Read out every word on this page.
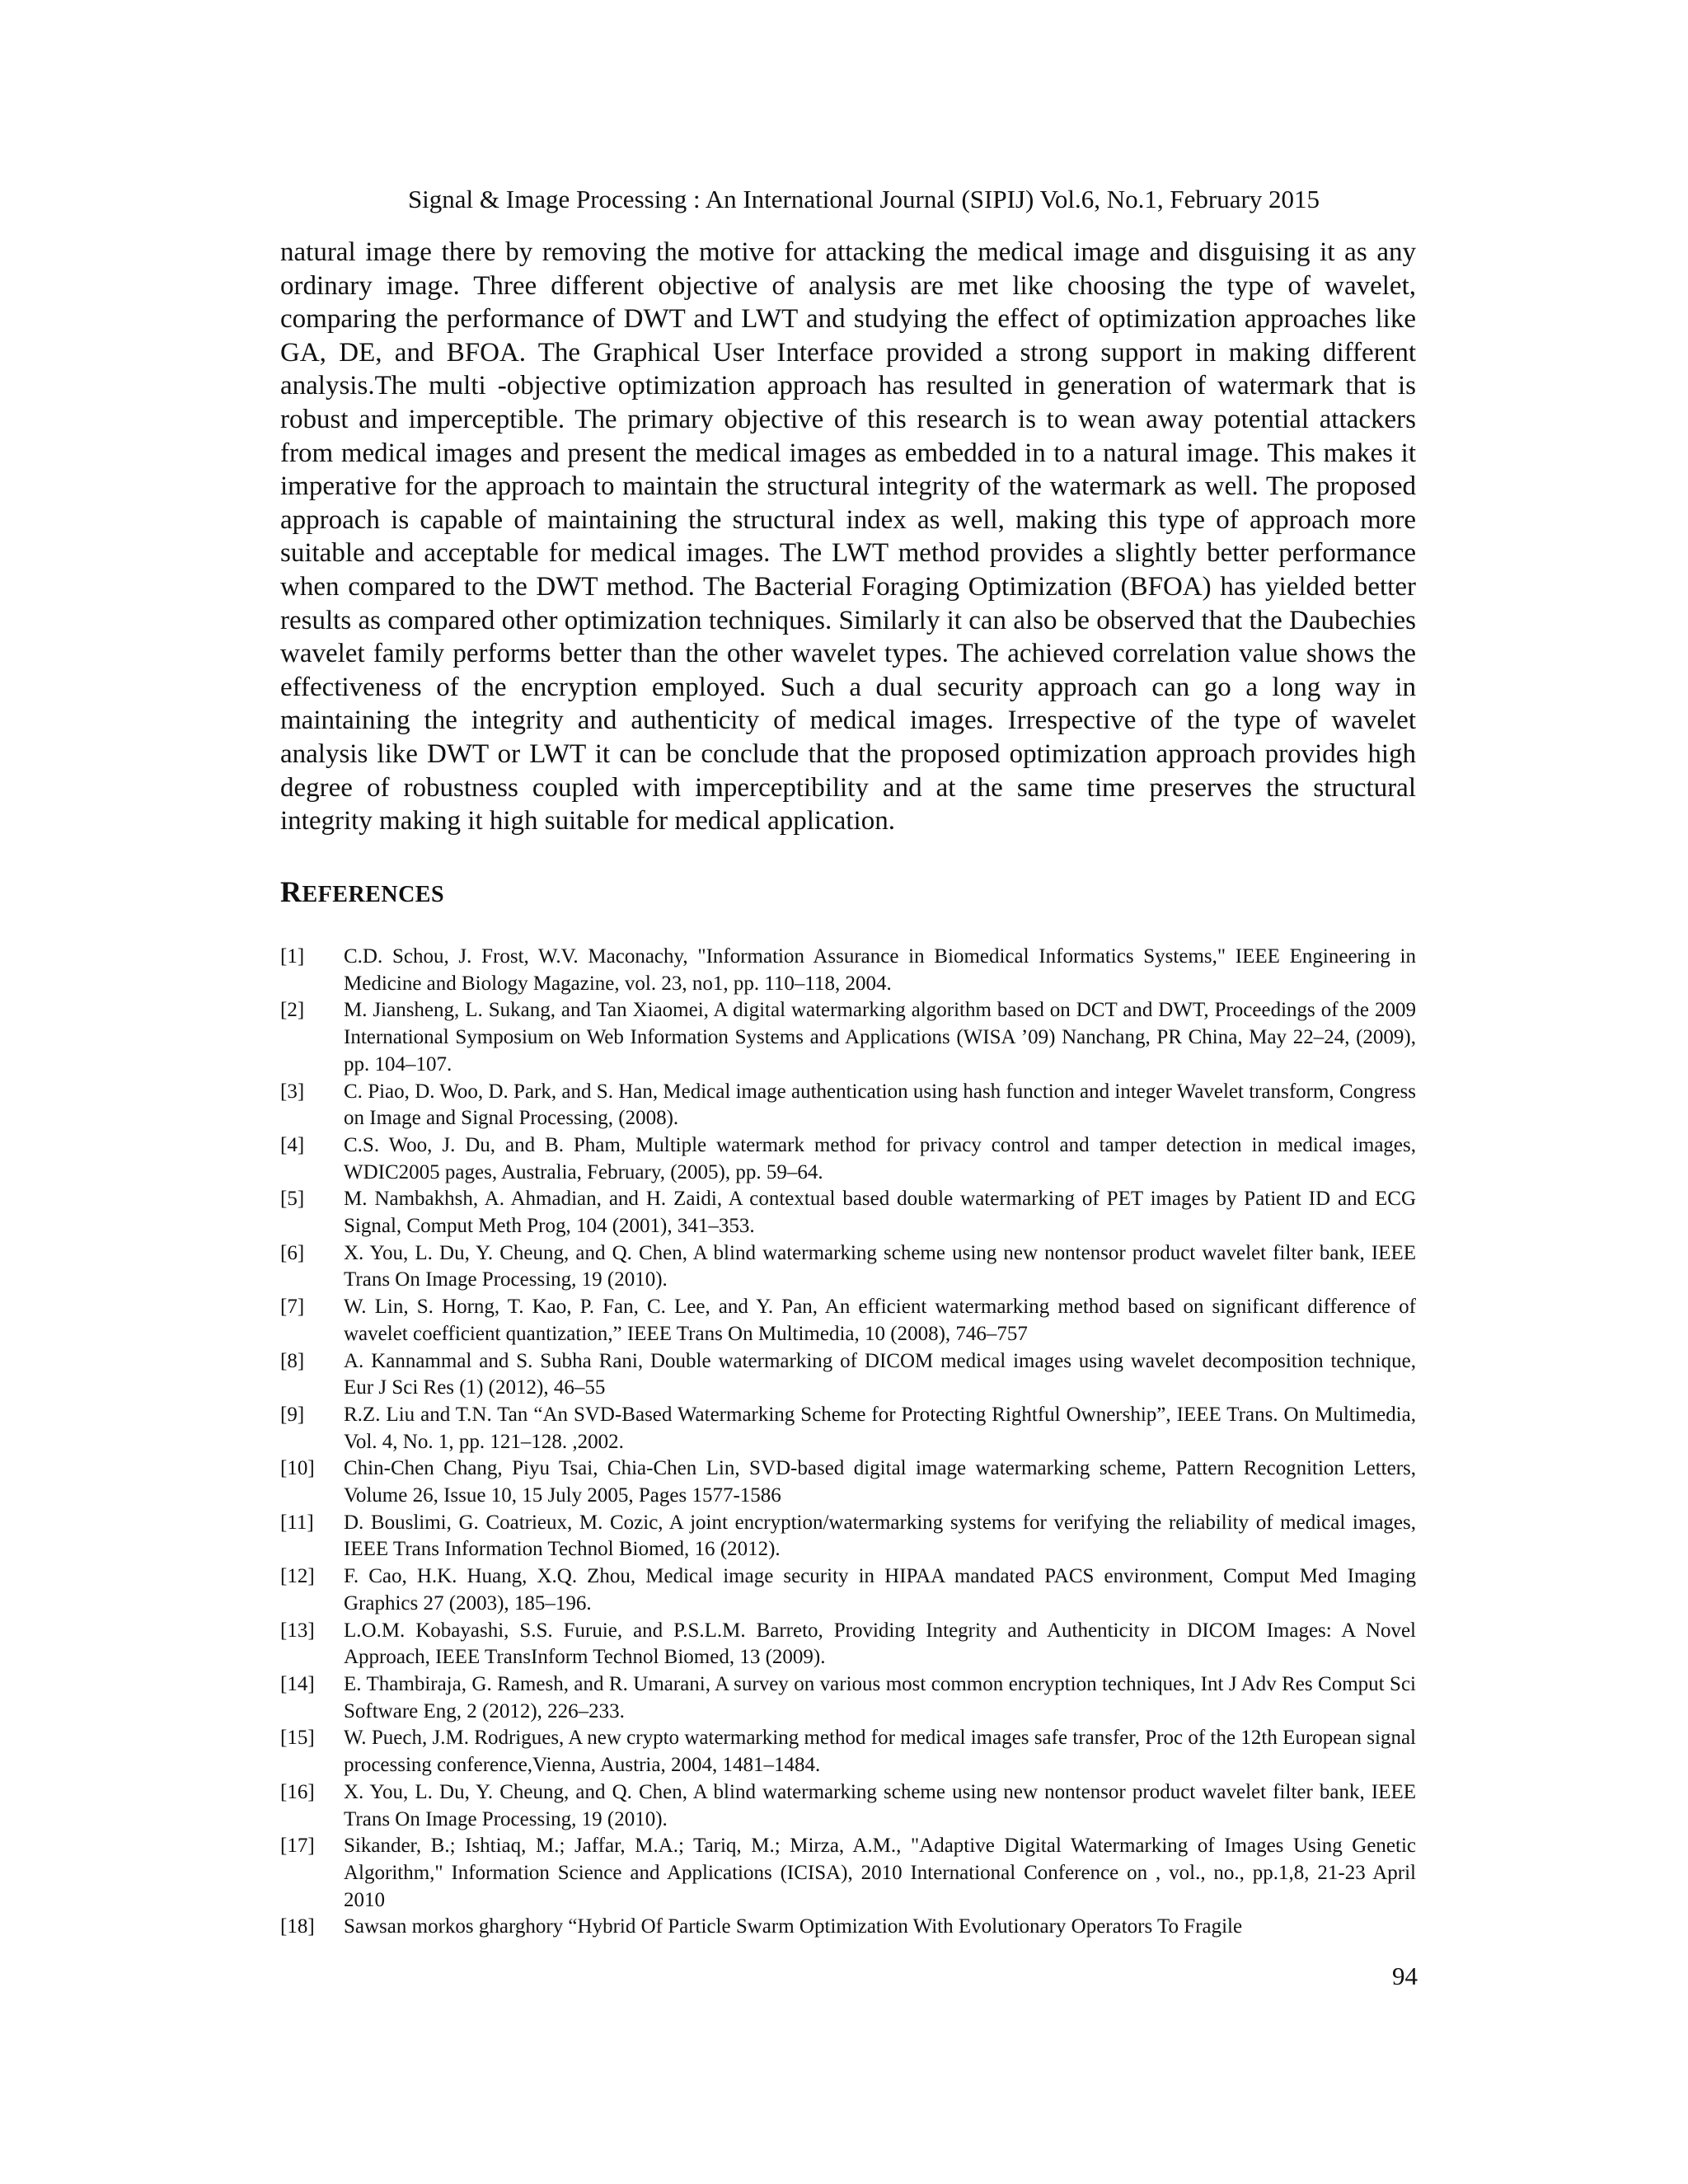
Signal & Image Processing : An International Journal (SIPIJ) Vol.6, No.1, February 2015

natural image there by removing the motive for attacking the medical image and disguising it as any ordinary image. Three different objective of analysis are met like choosing the type of wavelet, comparing the performance of DWT and LWT and studying the effect of optimization approaches like GA, DE, and BFOA. The Graphical User Interface provided a strong support in making different analysis.The multi -objective optimization approach has resulted in generation of watermark that is robust and imperceptible. The primary objective of this research is to wean away potential attackers from medical images and present the medical images as embedded in to a natural image. This makes it imperative for the approach to maintain the structural integrity of the watermark as well. The proposed approach is capable of maintaining the structural index as well, making this type of approach more suitable and acceptable for medical images. The LWT method provides a slightly better performance when compared to the DWT method. The Bacterial Foraging Optimization (BFOA) has yielded better results as compared other optimization techniques. Similarly it can also be observed that the Daubechies wavelet family performs better than the other wavelet types. The achieved correlation value shows the effectiveness of the encryption employed. Such a dual security approach can go a long way in maintaining the integrity and authenticity of medical images. Irrespective of the type of wavelet analysis like DWT or LWT it can be conclude that the proposed optimization approach provides high degree of robustness coupled with imperceptibility and at the same time preserves the structural integrity making it high suitable for medical application.

REFERENCES
[1]	C.D. Schou, J. Frost, W.V. Maconachy, "Information Assurance in Biomedical Informatics Systems," IEEE Engineering in Medicine and Biology Magazine, vol. 23, no1, pp. 110–118, 2004.
[2]	M. Jiansheng, L. Sukang, and Tan Xiaomei, A digital watermarking algorithm based on DCT and DWT, Proceedings of the 2009 International Symposium on Web Information Systems and Applications (WISA ’09) Nanchang, PR China, May 22–24, (2009), pp. 104–107.
[3]	C. Piao, D. Woo, D. Park, and S. Han, Medical image authentication using hash function and integer Wavelet transform, Congress on Image and Signal Processing, (2008).
[4]	C.S. Woo, J. Du, and B. Pham, Multiple watermark method for privacy control and tamper detection in medical images, WDIC2005 pages, Australia, February, (2005), pp. 59–64.
[5]	M. Nambakhsh, A. Ahmadian, and H. Zaidi, A contextual based double watermarking of PET images by Patient ID and ECG Signal, Comput Meth Prog, 104 (2001), 341–353.
[6]	X. You, L. Du, Y. Cheung, and Q. Chen, A blind watermarking scheme using new nontensor product wavelet filter bank, IEEE Trans On Image Processing, 19 (2010).
[7]	W. Lin, S. Horng, T. Kao, P. Fan, C. Lee, and Y. Pan, An efficient watermarking method based on significant difference of wavelet coefficient quantization,” IEEE Trans On Multimedia, 10 (2008), 746–757
[8]	A. Kannammal and S. Subha Rani, Double watermarking of DICOM medical images using wavelet decomposition technique, Eur J Sci Res (1) (2012), 46–55
[9]	R.Z. Liu and T.N. Tan “An SVD-Based Watermarking Scheme for Protecting Rightful Ownership”, IEEE Trans. On Multimedia, Vol. 4, No. 1, pp. 121–128. ,2002.
[10]	Chin-Chen Chang, Piyu Tsai, Chia-Chen Lin, SVD-based digital image watermarking scheme, Pattern Recognition Letters, Volume 26, Issue 10, 15 July 2005, Pages 1577-1586
[11]	D. Bouslimi, G. Coatrieux, M. Cozic, A joint encryption/watermarking systems for verifying the reliability of medical images, IEEE Trans Information Technol Biomed, 16 (2012).
[12]	F. Cao, H.K. Huang, X.Q. Zhou, Medical image security in HIPAA mandated PACS environment, Comput Med Imaging Graphics 27 (2003), 185–196.
[13]	L.O.M. Kobayashi, S.S. Furuie, and P.S.L.M. Barreto, Providing Integrity and Authenticity in DICOM Images: A Novel Approach, IEEE TransInform Technol Biomed, 13 (2009).
[14]	E. Thambiraja, G. Ramesh, and R. Umarani, A survey on various most common encryption techniques, Int J Adv Res Comput Sci Software Eng, 2 (2012), 226–233.
[15]	W. Puech, J.M. Rodrigues, A new crypto watermarking method for medical images safe transfer, Proc of the 12th European signal processing conference,Vienna, Austria, 2004, 1481–1484.
[16]	X. You, L. Du, Y. Cheung, and Q. Chen, A blind watermarking scheme using new nontensor product wavelet filter bank, IEEE Trans On Image Processing, 19 (2010).
[17]	Sikander, B.; Ishtiaq, M.; Jaffar, M.A.; Tariq, M.; Mirza, A.M., "Adaptive Digital Watermarking of Images Using Genetic Algorithm," Information Science and Applications (ICISA), 2010 International Conference on , vol., no., pp.1,8, 21-23 April 2010
[18]	Sawsan morkos gharghory “Hybrid Of Particle Swarm Optimization With Evolutionary Operators To Fragile
94
